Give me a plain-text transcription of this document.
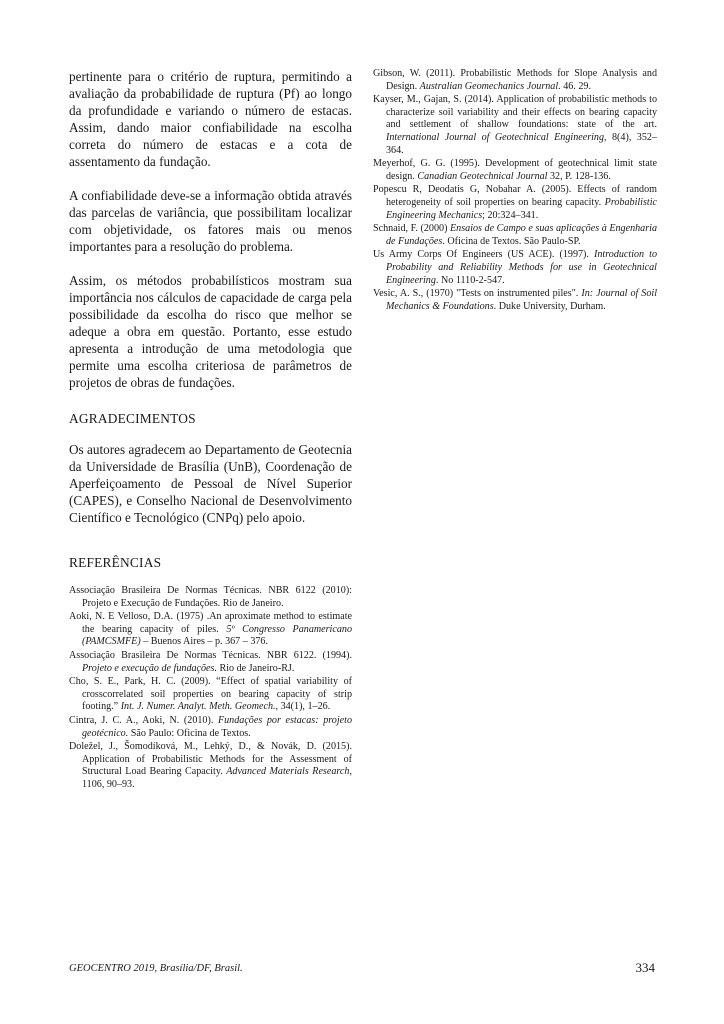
pertinente para o critério de ruptura, permitindo a avaliação da probabilidade de ruptura (Pf) ao longo da profundidade e variando o número de estacas. Assim, dando maior confiabilidade na escolha correta do número de estacas e a cota de assentamento da fundação.

A confiabilidade deve-se a informação obtida através das parcelas de variância, que possibilitam localizar com objetividade, os fatores mais ou menos importantes para a resolução do problema.

Assim, os métodos probabilísticos mostram sua importância nos cálculos de capacidade de carga pela possibilidade da escolha do risco que melhor se adeque a obra em questão. Portanto, esse estudo apresenta a introdução de uma metodologia que permite uma escolha criteriosa de parâmetros de projetos de obras de fundações.

AGRADECIMENTOS

Os autores agradecem ao Departamento de Geotecnia da Universidade de Brasília (UnB), Coordenação de Aperfeiçoamento de Pessoal de Nível Superior (CAPES), e Conselho Nacional de Desenvolvimento Científico e Tecnológico (CNPq) pelo apoio.

REFERÊNCIAS

Associação Brasileira De Normas Técnicas. NBR 6122 (2010): Projeto e Execução de Fundações. Rio de Janeiro.

Aoki, N. E Velloso, D.A. (1975) .An aproximate method to estimate the bearing capacity of piles. 5º Congresso Panamericano (PAMCSMFE) – Buenos Aires – p. 367 – 376.

Associação Brasileira De Normas Técnicas. NBR 6122. (1994). Projeto e execução de fundações. Rio de Janeiro-RJ.

Cho, S. E., Park, H. C. (2009). “Effect of spatial variability of crosscorrelated soil properties on bearing capacity of strip footing.” Int. J. Numer. Analyt. Meth. Geomech., 34(1), 1–26.

Cintra, J. C. A., Aoki, N. (2010). Fundações por estacas: projeto geotécnico. São Paulo: Oficina de Textos.

Doležel, J., Šomodíková, M., Lehký, D., & Novák, D. (2015). Application of Probabilistic Methods for the Assessment of Structural Load Bearing Capacity. Advanced Materials Research, 1106, 90–93.

Gibson, W. (2011). Probabilistic Methods for Slope Analysis and Design. Australian Geomechanics Journal. 46. 29.

Kayser, M., Gajan, S. (2014). Application of probabilistic methods to characterize soil variability and their effects on bearing capacity and settlement of shallow foundations: state of the art. International Journal of Geotechnical Engineering, 8(4), 352–364.

Meyerhof, G. G. (1995). Development of geotechnical limit state design. Canadian Geotechnical Journal 32, P. 128-136.

Popescu R, Deodatis G, Nobahar A. (2005). Effects of random heterogeneity of soil properties on bearing capacity. Probabilistic Engineering Mechanics; 20:324–341.

Schnaid, F. (2000) Ensaios de Campo e suas aplicações à Engenharia de Fundações. Oficina de Textos. São Paulo-SP.

Us Army Corps Of Engineers (US ACE). (1997). Introduction to Probability and Reliability Methods for use in Geotechnical Engineering. No 1110-2-547.

Vesic, A. S., (1970) "Tests on instrumented piles". In: Journal of Soil Mechanics & Foundations. Duke University, Durham.

GEOCENTRO 2019, Brasília/DF, Brasil.	334
